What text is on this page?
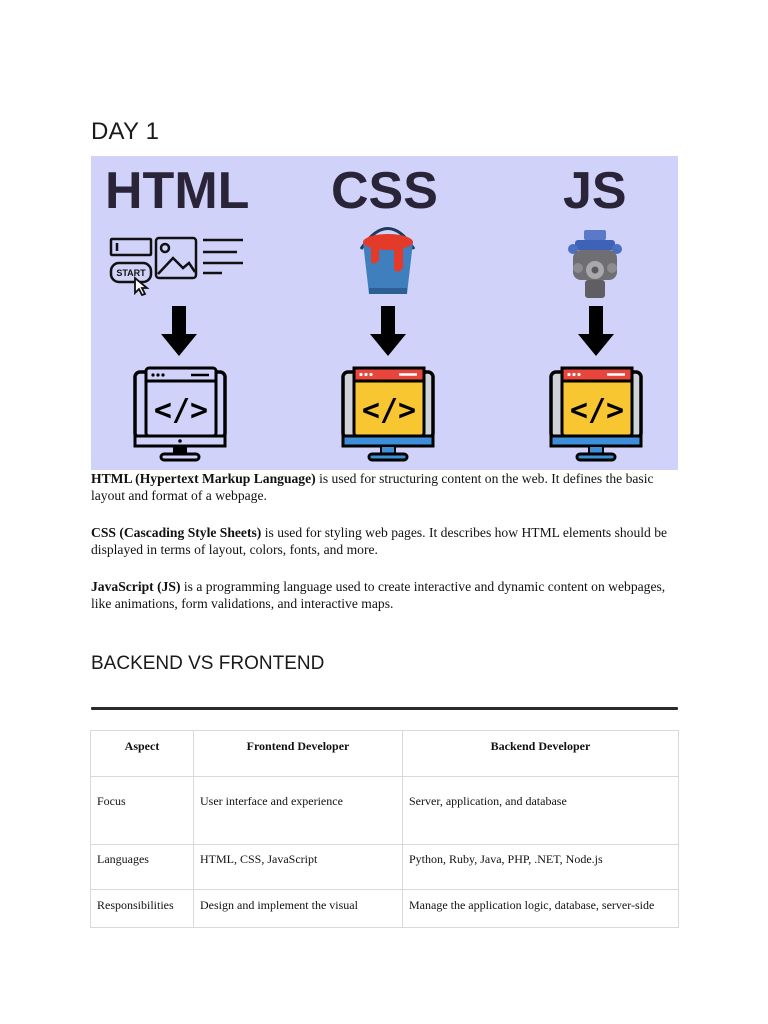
DAY 1
HTML CSS JS
START
</>	</>	</>

HTML (Hypertext Markup Language) is used for structuring content on the web. It defines the basic layout and format of a webpage.

CSS (Cascading Style Sheets) is used for styling web pages. It describes how HTML elements should be displayed in terms of layout, colors, fonts, and more.

JavaScript (JS) is a programming language used to create interactive and dynamic content on webpages, like animations, form validations, and interactive maps.

BACKEND VS FRONTEND
Aspect	Frontend Developer	Backend Developer
Focus	User interface and experience	Server, application, and database
Languages	HTML, CSS, JavaScript	Python, Ruby, Java, PHP, .NET, Node.js
Responsibilities	Design and implement the visual	Manage the application logic, database, server-side
